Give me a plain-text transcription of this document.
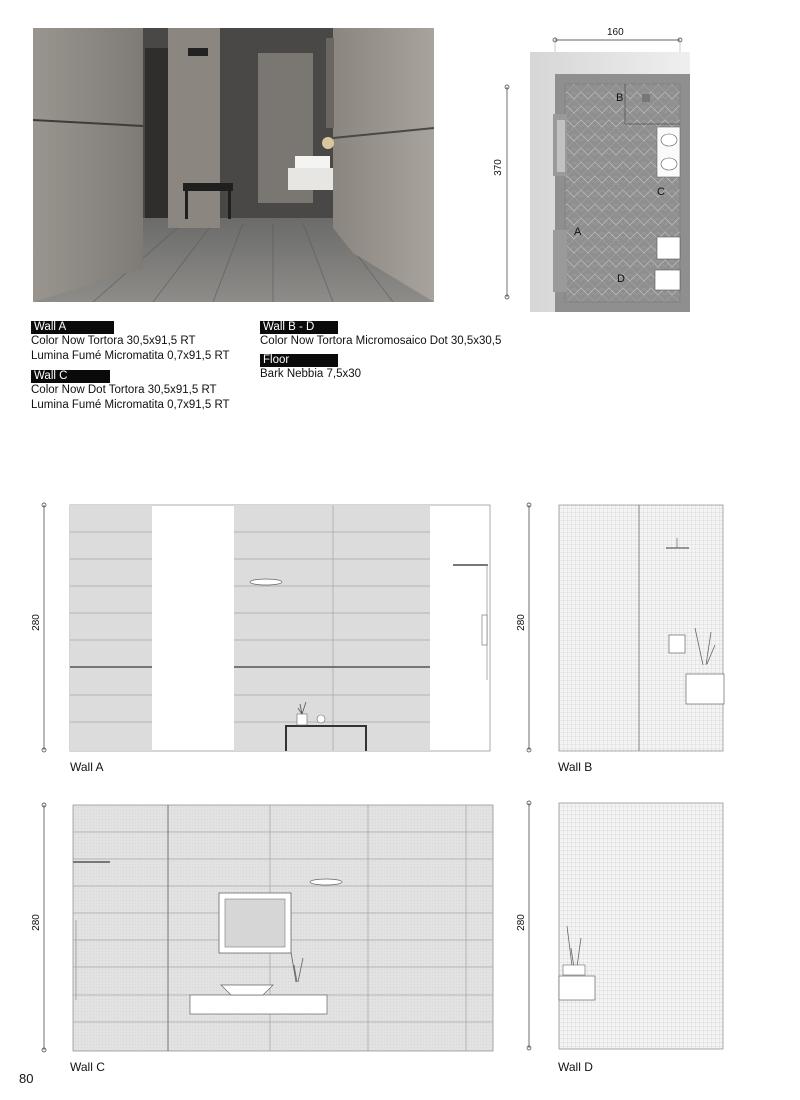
160
370
B
A
C
D
Wall A
Color Now Tortora 30,5x91,5 RT
Lumina Fumé Micromatita 0,7x91,5 RT
Wall C
Color Now Dot Tortora 30,5x91,5 RT
Lumina Fumé Micromatita 0,7x91,5 RT
Wall B - D
Color Now Tortora Micromosaico Dot 30,5x30,5
Floor
Bark Nebbia 7,5x30
280
Wall A
280
Wall B
280
Wall C
280
Wall D
80
